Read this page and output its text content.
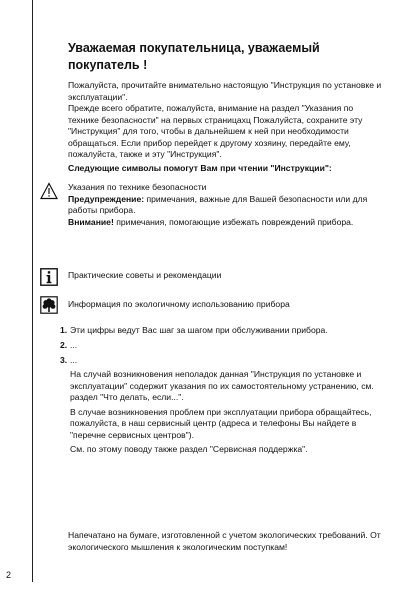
Уважаемая покупательница, уважаемый
покупатель !

Пожалуйста, прочитайте внимательно настоящую "Инструкция по установке и эксплуатации".

Прежде всего обратите, пожалуйста, внимание на раздел "Указания по технике безопасности" на первых страницахц Пожалуйста, сохраните эту "Инструкция" для того, чтобы в дальнейшем к ней при необходимости обращаться. Если прибор перейдет к другому хозяину, передайте ему, пожалуйста, также и эту "Инструкция".

Следующие символы помогут Вам при чтении "Инструкции":

Указания по технике безопасности

Предупреждение: примечания, важные для Вашей безопасности или для работы прибора.

Внимание! примечания, помогающие избежать повреждений прибора.

Практические советы и рекомендации

Информация по экологичному использованию прибора

1. Эти цифры ведут Вас шаг за шагом при обслуживании прибора.
2. ...
3. ...

На случай возникновения неполадок данная "Инструкция по установке и эксплуатации" содержит указания по их самостоятельному устранению, см. раздел "Что делать, если...".

В случае возникновения проблем при эксплуатации прибора обращайтесь, пожалуйста, в наш сервисный центр (адреса и телефоны Вы найдете в "перечне сервисных центров").

См. по этому поводу также раздел "Сервисная поддержка".

Напечатано на бумаге, изготовленной с учетом экологических требований. От экологического мышления к экологическим поступкам!
2
